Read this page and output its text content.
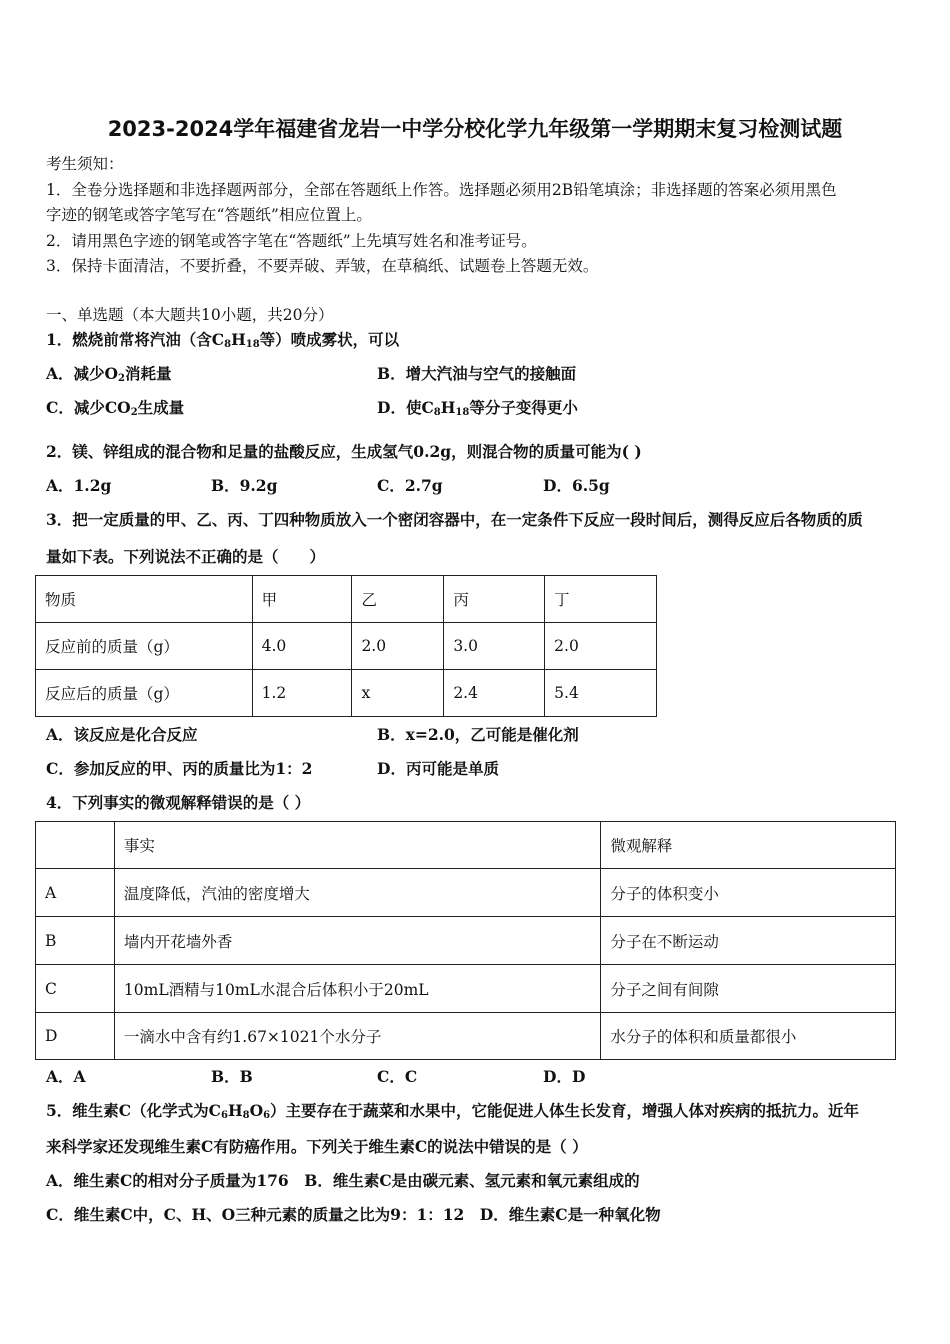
2023-2024学年福建省龙岩一中学分校化学九年级第一学期期末复习检测试题
考生须知：
1．全卷分选择题和非选择题两部分，全部在答题纸上作答。选择题必须用2B铅笔填涂；非选择题的答案必须用黑色
字迹的钢笔或答字笔写在“答题纸”相应位置上。
2．请用黑色字迹的钢笔或答字笔在“答题纸”上先填写姓名和准考证号。
3．保持卡面清洁，不要折叠，不要弄破、弄皱，在草稿纸、试题卷上答题无效。
一、单选题（本大题共10小题，共20分）
1．燃烧前常将汽油（含$C_8H_{18}$等）喷成雾状，可以
A．减少$O_2$消耗量	B．增大汽油与空气的接触面
C．减少$CO_2$生成量	D．使$C_8H_{18}$等分子变得更小
2．镁、锌组成的混合物和足量的盐酸反应，生成氢气0.2g，则混合物的质量可能为( )
A．1.2g	B．9.2g	C．2.7g	D．6.5g
3．把一定质量的甲、乙、丙、丁四种物质放入一个密闭容器中，在一定条件下反应一段时间后，测得反应后各物质的质
量如下表。下列说法不正确的是（　　）
物质	甲	乙	丙	丁
反应前的质量（g）	4.0	2.0	3.0	2.0
反应后的质量（g）	1.2	x	2.4	5.4
A．该反应是化合反应	B．x=2.0，乙可能是催化剂
C．参加反应的甲、丙的质量比为1：2	D．丙可能是单质
4．下列事实的微观解释错误的是（ ）
	事实	微观解释
A	温度降低，汽油的密度增大	分子的体积变小
B	墙内开花墙外香	分子在不断运动
C	10mL酒精与10mL水混合后体积小于20mL	分子之间有间隙
D	一滴水中含有约1.67×1021个水分子	水分子的体积和质量都很小
A．A	B．B	C．C	D．D
5．维生素C（化学式为$C_6H_8O_6$）主要存在于蔬菜和水果中，它能促进人体生长发育，增强人体对疾病的抵抗力。近年
来科学家还发现维生素C有防癌作用。下列关于维生素C的说法中错误的是（ ）
A．维生素C的相对分子质量为176　B．维生素C是由碳元素、氢元素和氧元素组成的
C．维生素C中，C、H、O三种元素的质量之比为9：1：12　D．维生素C是一种氧化物
